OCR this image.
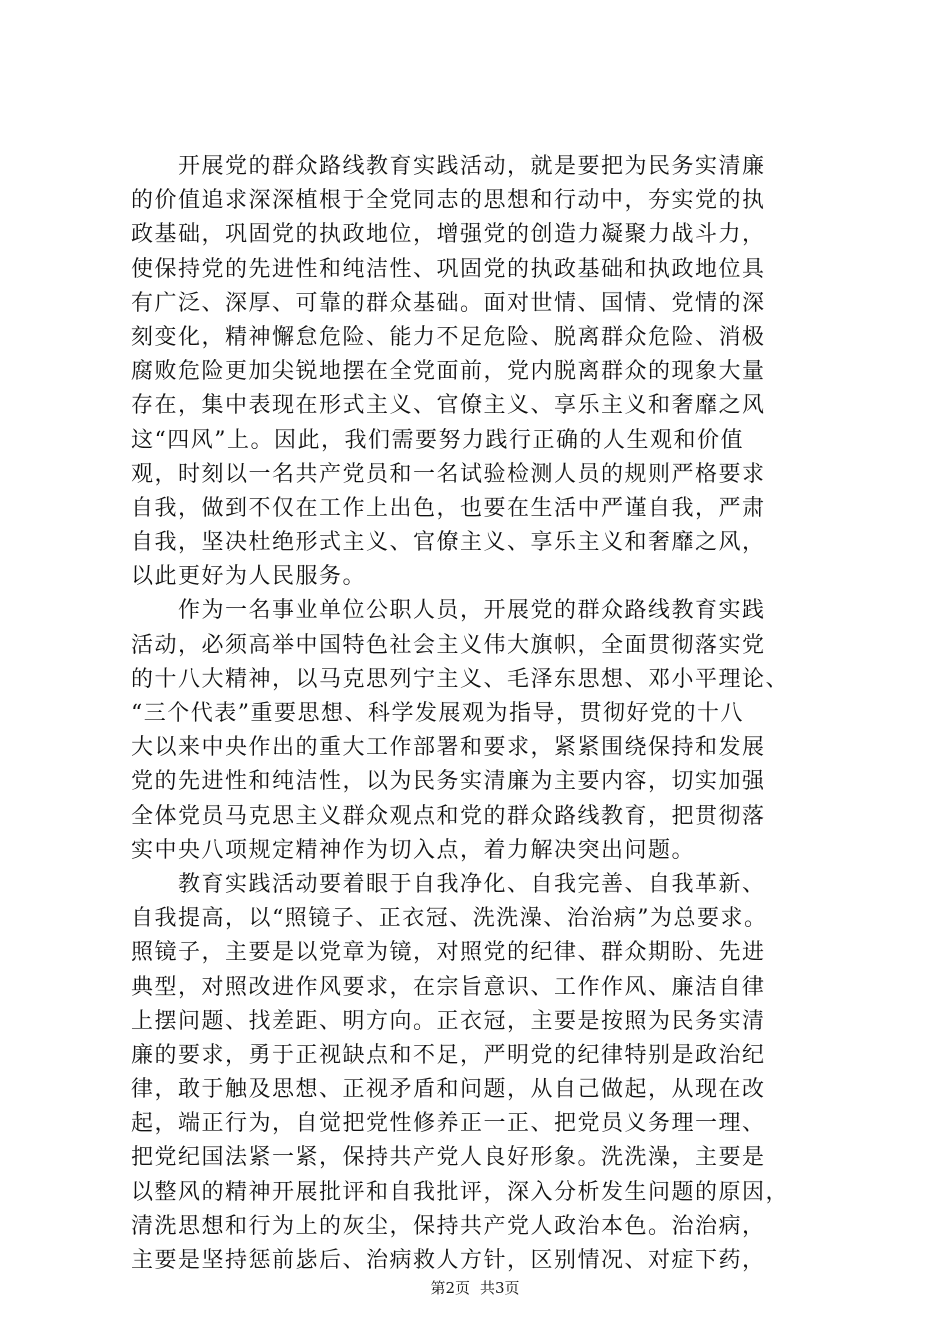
　　开展党的群众路线教育实践活动，就是要把为民务实清廉
的价值追求深深植根于全党同志的思想和行动中，夯实党的执
政基础，巩固党的执政地位，增强党的创造力凝聚力战斗力，
使保持党的先进性和纯洁性、巩固党的执政基础和执政地位具
有广泛、深厚、可靠的群众基础。面对世情、国情、党情的深
刻变化，精神懈怠危险、能力不足危险、脱离群众危险、消极
腐败危险更加尖锐地摆在全党面前，党内脱离群众的现象大量
存在，集中表现在形式主义、官僚主义、享乐主义和奢靡之风
这“四风”上。因此，我们需要努力践行正确的人生观和价值
观，时刻以一名共产党员和一名试验检测人员的规则严格要求
自我，做到不仅在工作上出色，也要在生活中严谨自我，严肃
自我，坚决杜绝形式主义、官僚主义、享乐主义和奢靡之风，
以此更好为人民服务。
　　作为一名事业单位公职人员，开展党的群众路线教育实践
活动，必须高举中国特色社会主义伟大旗帜，全面贯彻落实党
的十八大精神，以马克思列宁主义、毛泽东思想、邓小平理论、
“三个代表”重要思想、科学发展观为指导，贯彻好党的十八
大以来中央作出的重大工作部署和要求，紧紧围绕保持和发展
党的先进性和纯洁性，以为民务实清廉为主要内容，切实加强
全体党员马克思主义群众观点和党的群众路线教育，把贯彻落
实中央八项规定精神作为切入点，着力解决突出问题。
　　教育实践活动要着眼于自我净化、自我完善、自我革新、
自我提高，以“照镜子、正衣冠、洗洗澡、治治病”为总要求。
照镜子，主要是以党章为镜，对照党的纪律、群众期盼、先进
典型，对照改进作风要求，在宗旨意识、工作作风、廉洁自律
上摆问题、找差距、明方向。正衣冠，主要是按照为民务实清
廉的要求，勇于正视缺点和不足，严明党的纪律特别是政治纪
律，敢于触及思想、正视矛盾和问题，从自己做起，从现在改
起，端正行为，自觉把党性修养正一正、把党员义务理一理、
把党纪国法紧一紧，保持共产党人良好形象。洗洗澡，主要是
以整风的精神开展批评和自我批评，深入分析发生问题的原因，
清洗思想和行为上的灰尘，保持共产党人政治本色。治治病，
主要是坚持惩前毖后、治病救人方针，区别情况、对症下药，
第2页 共3页
